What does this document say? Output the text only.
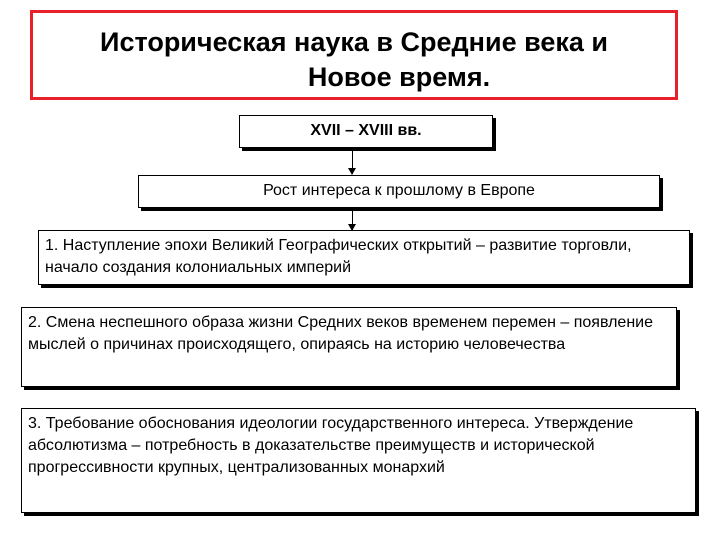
Историческая наука в Средние века и
Новое время.
XVII – XVIII вв.
Рост интереса к прошлому в Европе
1. Наступление эпохи Великий Географических открытий – развитие торговли, начало создания колониальных империй
2. Смена неспешного образа жизни Средних веков временем перемен – появление мыслей о причинах происходящего, опираясь на историю человечества
3. Требование обоснования идеологии государственного интереса. Утверждение абсолютизма – потребность в доказательстве преимуществ и исторической прогрессивности крупных, централизованных монархий
